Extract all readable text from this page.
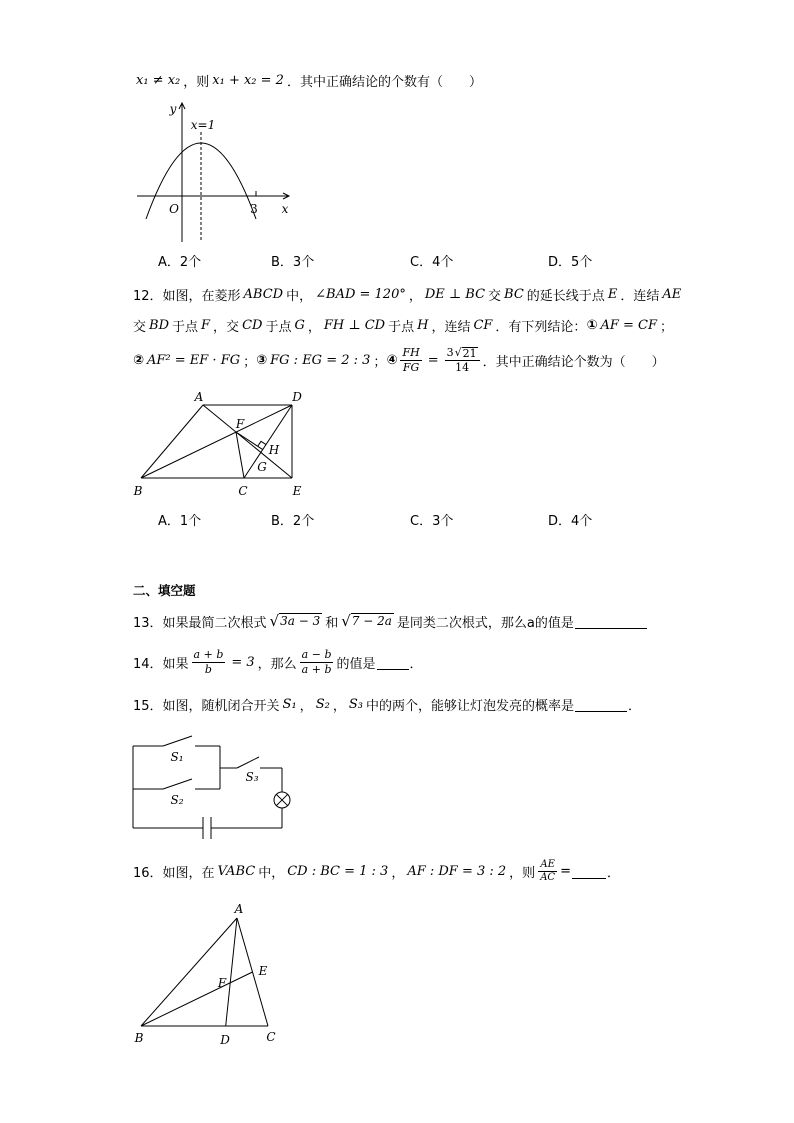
x₁ ≠ x₂ ，则 x₁ + x₂ = 2 ．其中正确结论的个数有（　　）
y
x=1
O	3 x
A．2个	B．3个	C．4个	D．5个
12．如图，在菱形 ABCD 中， ∠BAD = 120° ， DE ⊥ BC 交 BC 的延长线于点 E ．连结 AE
交 BD 于点 F ，交 CD 于点 G ， FH ⊥ CD 于点 H ，连结 CF ．有下列结论： ① AF = CF ；
② AF² = EF · FG ； ③ FG : EG = 2 : 3 ； ④ $\frac{FH}{FG} = \frac{3 √ 21}{14}$ ．其中正确结论个数为（　　）
A	D
F
H
G
B	C	E
A．1个	B．2个	C．3个	D．4个
二、填空题
13．如果最简二次根式 √ 3a − 3 和 √ 7 − 2a 是同类二次根式，那么a的值是
14．如果 $\frac{a + b}{b} = 3$ ，那么 $\frac{a - b}{a + b}$ 的值是	．
15．如图，随机闭合开关 S₁ ， S₂ ， S₃ 中的两个，能够让灯泡发亮的概率是	．
S₁
S₂
S₃
16．如图，在 VABC 中， CD : BC = 1 : 3 ， AF : DF = 3 : 2 ，则 $\frac{AE}{AC}$ =	．
A
E
F
B	D	C
